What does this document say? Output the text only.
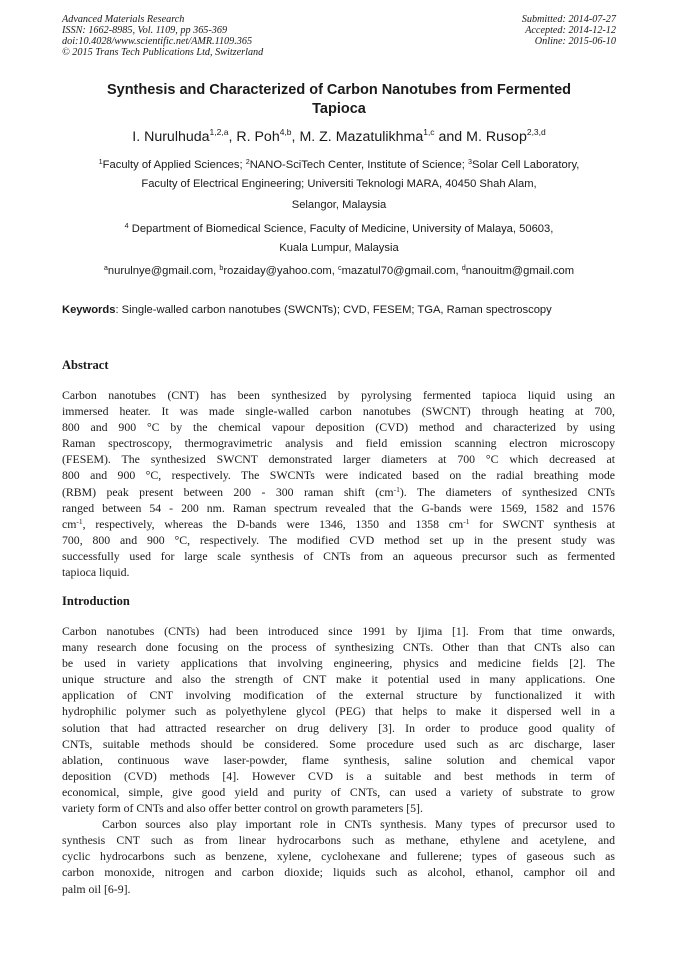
Advanced Materials Research
ISSN: 1662-8985, Vol. 1109, pp 365-369
doi:10.4028/www.scientific.net/AMR.1109.365
© 2015 Trans Tech Publications Ltd, Switzerland
Submitted: 2014-07-27
Accepted: 2014-12-12
Online: 2015-06-10
Synthesis and Characterized of Carbon Nanotubes from Fermented
Tapioca
I. Nurulhuda$^{1,2,a}$, R. Poh$^{4,b}$, M. Z. Mazatulikhma$^{1,c}$ and M. Rusop$^{2,3,d}$
$^1$Faculty of Applied Sciences; $^2$NANO-SciTech Center, Institute of Science; $^3$Solar Cell Laboratory,
Faculty of Electrical Engineering; Universiti Teknologi MARA, 40450 Shah Alam,
Selangor, Malaysia
$^4$ Department of Biomedical Science, Faculty of Medicine, University of Malaya, 50603,
Kuala Lumpur, Malaysia
$^a$nurulnye@gmail.com, $^b$rozaiday@yahoo.com, $^c$mazatul70@gmail.com, $^d$nanouitm@gmail.com
Keywords: Single-walled carbon nanotubes (SWCNTs); CVD, FESEM; TGA, Raman spectroscopy
Abstract
Carbon nanotubes (CNT) has been synthesized by pyrolysing fermented tapioca liquid using an
immersed heater. It was made single-walled carbon nanotubes (SWCNT) through heating at 700,
800 and 900 °C by the chemical vapour deposition (CVD) method and characterized by using
Raman spectroscopy, thermogravimetric analysis and field emission scanning electron microscopy
(FESEM). The synthesized SWCNT demonstrated larger diameters at 700 °C which decreased at
800 and 900 °C, respectively. The SWCNTs were indicated based on the radial breathing mode
(RBM) peak present between 200 - 300 raman shift $(cm^{-1})$. The diameters of synthesized CNTs
ranged between 54 - 200 nm. Raman spectrum revealed that the G-bands were 1569, 1582 and 1576
$cm^{-1}$, respectively, whereas the D-bands were 1346, 1350 and 1358 $cm^{-1}$ for SWCNT synthesis at
700, 800 and 900 °C, respectively. The modified CVD method set up in the present study was
successfully used for large scale synthesis of CNTs from an aqueous precursor such as fermented
tapioca liquid.
Introduction
Carbon nanotubes (CNTs) had been introduced since 1991 by Ijima [1]. From that time onwards,
many research done focusing on the process of synthesizing CNTs. Other than that CNTs also can
be used in variety applications that involving engineering, physics and medicine fields [2]. The
unique structure and also the strength of CNT make it potential used in many applications. One
application of CNT involving modification of the external structure by functionalized it with
hydrophilic polymer such as polyethylene glycol (PEG) that helps to make it dispersed well in a
solution that had attracted researcher on drug delivery [3]. In order to produce good quality of
CNTs, suitable methods should be considered. Some procedure used such as arc discharge, laser
ablation, continuous wave laser-powder, flame synthesis, saline solution and chemical vapor
deposition (CVD) methods [4]. However CVD is a suitable and best methods in term of
economical, simple, give good yield and purity of CNTs, can used a variety of substrate to grow
variety form of CNTs and also offer better control on growth parameters [5].
Carbon sources also play important role in CNTs synthesis. Many types of precursor used to
synthesis CNT such as from linear hydrocarbons such as methane, ethylene and acetylene, and
cyclic hydrocarbons such as benzene, xylene, cyclohexane and fullerene; types of gaseous such as
carbon monoxide, nitrogen and carbon dioxide; liquids such as alcohol, ethanol, camphor oil and
palm oil [6-9].
